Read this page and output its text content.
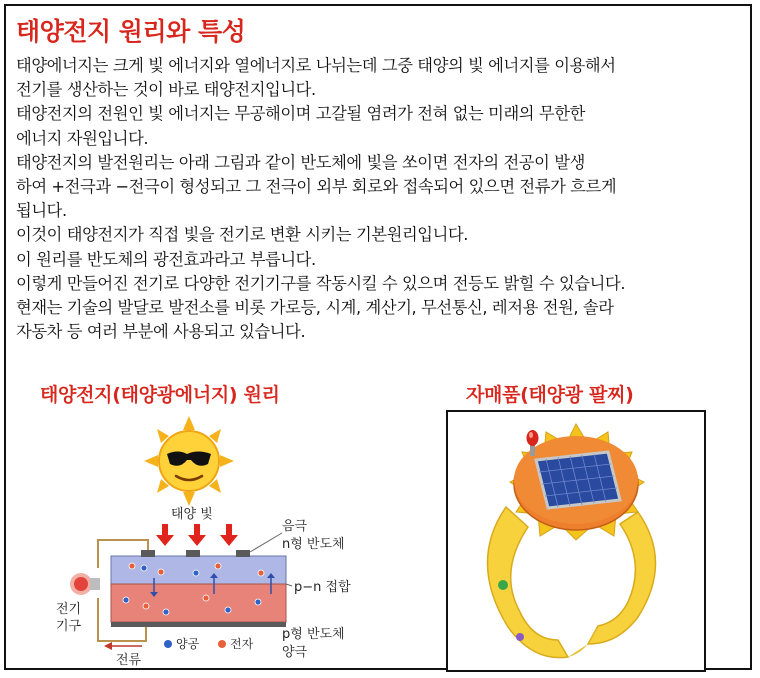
태양전지 원리와 특성
태양에너지는 크게 빛 에너지와 열에너지로 나뉘는데 그중 태양의 빛 에너지를 이용해서
전기를 생산하는 것이 바로 태양전지입니다.
태양전지의 전원인 빛 에너지는 무공해이며 고갈될 염려가 전혀 없는 미래의 무한한
에너지 자원입니다.
태양전지의 발전원리는 아래 그림과 같이 반도체에 빛을 쏘이면 전자의 전공이 발생
하여 +전극과 −전극이 형성되고 그 전극이 외부 회로와 접속되어 있으면 전류가 흐르게
됩니다.
이것이 태양전지가 직접 빛을 전기로 변환 시키는 기본원리입니다.
이 원리를 반도체의 광전효과라고 부릅니다.
이렇게 만들어진 전기로 다양한 전기기구를 작동시킬 수 있으며 전등도 밝힐 수 있습니다.
현재는 기술의 발달로 발전소를 비롯 가로등, 시계, 계산기, 무선통신, 레저용 전원, 솔라
자동차 등 여러 부분에 사용되고 있습니다.
태양전지(태양광에너지) 원리	자매품(태양광 팔찌)
태양 빛
전기
기구
전류
양공	전자
음극
n형 반도체
p−n 접합
p형 반도체
양극
